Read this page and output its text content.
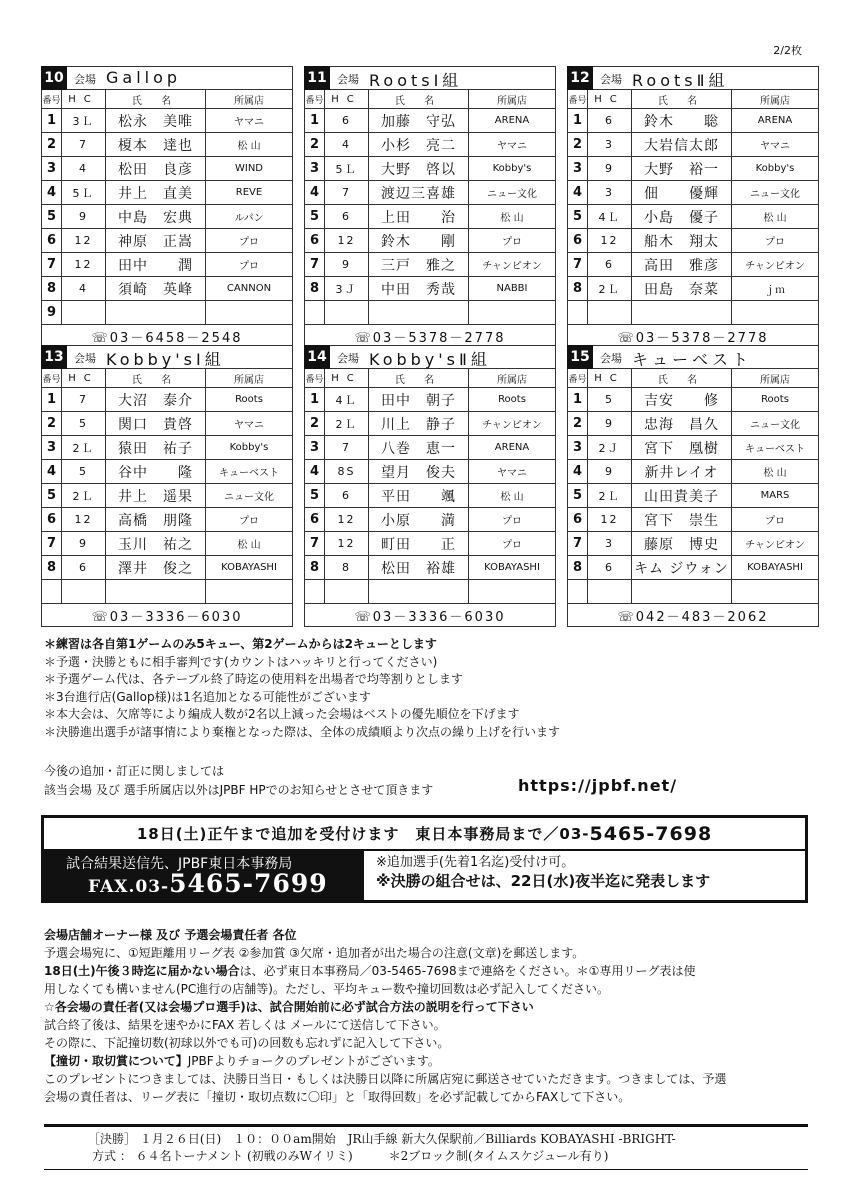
2/2枚
10 会場 Gallop
番号 HC	氏 名	所属店
1	3Ｌ	松永　美唯	ヤマニ
2	7	榎本　達也	松 山
3	4	松田　良彦	WIND
4	5Ｌ	井上　直美	REVE
5	9	中島　宏典	ルパン
6	12	神原　正嵩	プロ
7	12	田中　　潤	プロ
8	4	須崎　英峰	CANNON
9
☏03－6458－2548
11 会場 RootsⅠ組
番号 HC	氏 名	所属店
1	6	加藤　守弘	ARENA
2	4	小杉　亮二	ヤマニ
3	5Ｌ	大野　啓以	Kobby's
4	7	渡辺三喜雄	ニュー文化
5	6	上田　　治	松 山
6	12	鈴木　　剛	プロ
7	9	三戸　雅之	チャンピオン
8	3Ｊ	中田　秀哉	NABBI
☏03－5378－2778
12 会場 RootsⅡ組
番号 HC	氏 名	所属店
1	6	鈴木　　聡	ARENA
2	3	大岩信太郎	ヤマニ
3	9	大野　裕一	Kobby's
4	3	佃　　優輝	ニュー文化
5	4Ｌ	小島　優子	松 山
6	12	船木　翔太	プロ
7	6	高田　雅彦	チャンピオン
8	2Ｌ	田島　奈菜	ｊｍ
☏03－5378－2778
13 会場 Kobby'sⅠ組
番号 HC	氏 名	所属店
1	7	大沼　泰介	Roots
2	5	関口　貴啓	ヤマニ
3	2Ｌ	猿田　祐子	Kobby's
4	5	谷中　　隆	キューベスト
5	2Ｌ	井上　遥果	ニュー文化
6	12	高橋　朋隆	プロ
7	9	玉川　祐之	松 山
8	6	澤井　俊之	KOBAYASHI
☏03－3336－6030
14 会場 Kobby'sⅡ組
番号 HC	氏 名	所属店
1	4Ｌ	田中　朝子	Roots
2	2Ｌ	川上　静子	チャンピオン
3	7	八巻　恵一	ARENA
4	8S	望月　俊夫	ヤマニ
5	6	平田　　颯	松 山
6	12	小原　　満	プロ
7	12	町田　　正	プロ
8	8	松田　裕雄	KOBAYASHI
☏03－3336－6030
15 会場 キューベスト
番号 HC	氏 名	所属店
1	5	吉安　　修	Roots
2	9	忠海　昌久	ニュー文化
3	2Ｊ	宮下　凰樹	キューベスト
4	9	新井レイオ	松 山
5	2Ｌ	山田貴美子	MARS
6	12	宮下　崇生	プロ
7	3	藤原　博史	チャンピオン
8	6	キム ジウォン	KOBAYASHI
☏042－483－2062
＊練習は各自第1ゲームのみ5キュー、第2ゲームからは2キューとします
＊予選・決勝ともに相手審判です(カウントはハッキリと行ってください)
＊予選ゲーム代は、各テーブル終了時迄の使用料を出場者で均等割りとします
＊3台進行店(Gallop様)は1名追加となる可能性がございます
＊本大会は、欠席等により編成人数が2名以上減った会場はベストの優先順位を下げます
＊決勝進出選手が諸事情により棄権となった際は、全体の成績順より次点の繰り上げを行います
今後の追加・訂正に関しましては
該当会場 及び 選手所属店以外はJPBF HPでのお知らせとさせて頂きます	https://jpbf.net/
18日(土)正午まで追加を受付けます　東日本事務局まで／03- 5465-7698
試合結果送信先、JPBF東日本事務局
FAX.03-5465-7699
※追加選手(先着1名迄)受付け可。
※決勝の組合せは、22日(水)夜半迄に発表します
会場店舗オーナー様 及び 予選会場責任者 各位
予選会場宛に、①短距離用リーグ表 ②参加賞 ③欠席・追加者が出た場合の注意(文章)を郵送します。
18日(土)午後３時迄に届かない場合は、必ず東日本事務局／03-5465-7698まで連絡をください。＊①専用リーグ表は使
用しなくても構いません(PC進行の店舗等)。ただし、平均キュー数や撞切回数は必ず記入してください。
☆各会場の責任者(又は会場プロ選手)は、試合開始前に必ず試合方法の説明を行って下さい
試合終了後は、結果を速やかにFAX 若しくは メールにて送信して下さい。
その際に、下記撞切数(初球以外でも可)の回数も忘れずに記入して下さい。
【撞切・取切賞について】JPBFよりチョークのプレゼントがございます。
このプレゼントにつきましては、決勝日当日・もしくは決勝日以降に所属店宛に郵送させていただきます。つきましては、予選
会場の責任者は、リーグ表に「撞切・取切点数に〇印」と「取得回数」を必ず記載してからFAXして下さい。
［決勝］ １月２６日(日)　１０：００am開始　JR山手線 新大久保駅前／Billiards KOBAYASHI -BRIGHT-
方式 ： ６４名トーナメント (初戦のみWイリミ)　　　＊2ブロック制(タイムスケジュール有り)
